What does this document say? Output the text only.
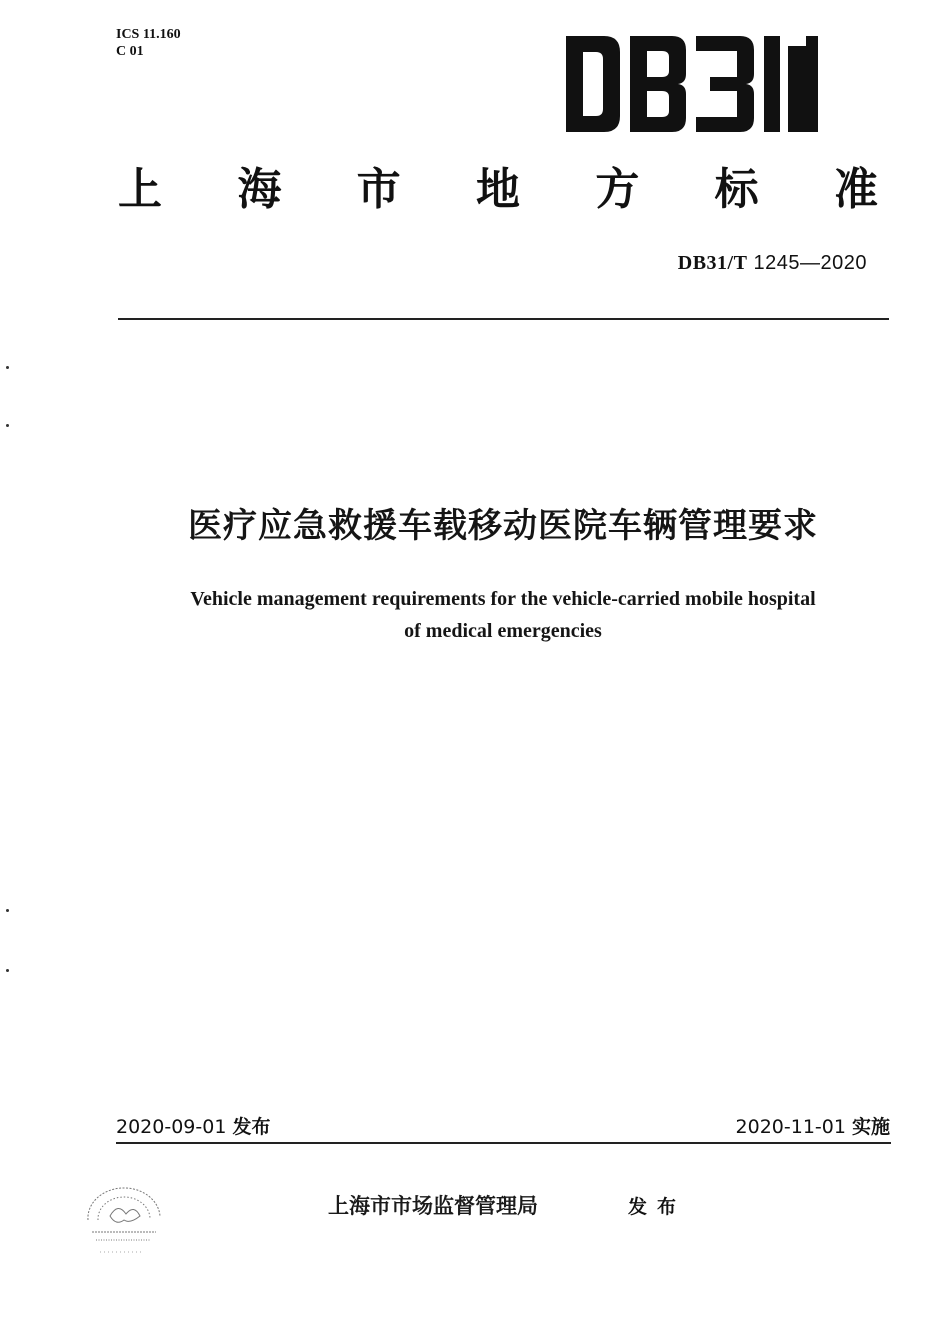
ICS 11.160
C 01
上 海 市 地 方 标 准
DB31/T 1245—2020
医疗应急救援车载移动医院车辆管理要求
Vehicle management requirements for the vehicle-carried mobile hospital
of medical emergencies
2020-09-01 发布	2020-11-01 实施
上海市市场监督管理局	发布
